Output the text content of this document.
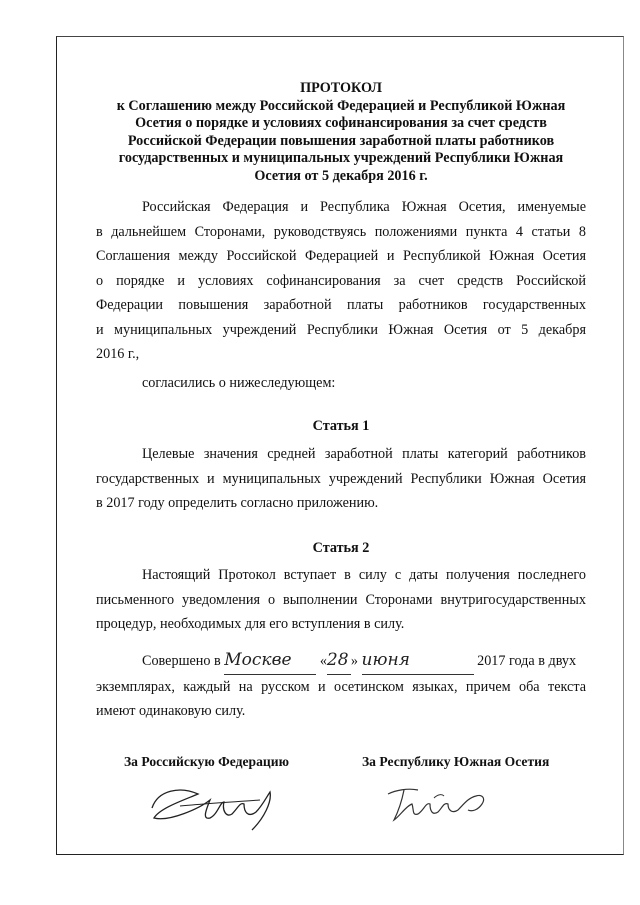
ПРОТОКОЛ
к Соглашению между Российской Федерацией и Республикой Южная
Осетия о порядке и условиях софинансирования за счет средств
Российской Федерации повышения заработной платы работников
государственных и муниципальных учреждений Республики Южная
Осетия от 5 декабря 2016 г.
Российская Федерация и Республика Южная Осетия, именуемые
в дальнейшем Сторонами, руководствуясь положениями пункта 4 статьи 8
Соглашения между Российской Федерацией и Республикой Южная Осетия
о порядке и условиях софинансирования за счет средств Российской
Федерации повышения заработной платы работников государственных
и муниципальных учреждений Республики Южная Осетия от 5 декабря
2016 г.,
согласились о нижеследующем:
Статья 1
Целевые значения средней заработной платы категорий работников
государственных и муниципальных учреждений Республики Южная Осетия
в 2017 году определить согласно приложению.
Статья 2
Настоящий Протокол вступает в силу с даты получения последнего
письменного уведомления о выполнении Сторонами внутригосударственных
процедур, необходимых для его вступления в силу.
Совершено в Москве «28 » июня	2017 года в двух
экземплярах, каждый на русском и осетинском языках, причем оба текста
имеют одинаковую силу.
За Российскую Федерацию	За Республику Южная Осетия
